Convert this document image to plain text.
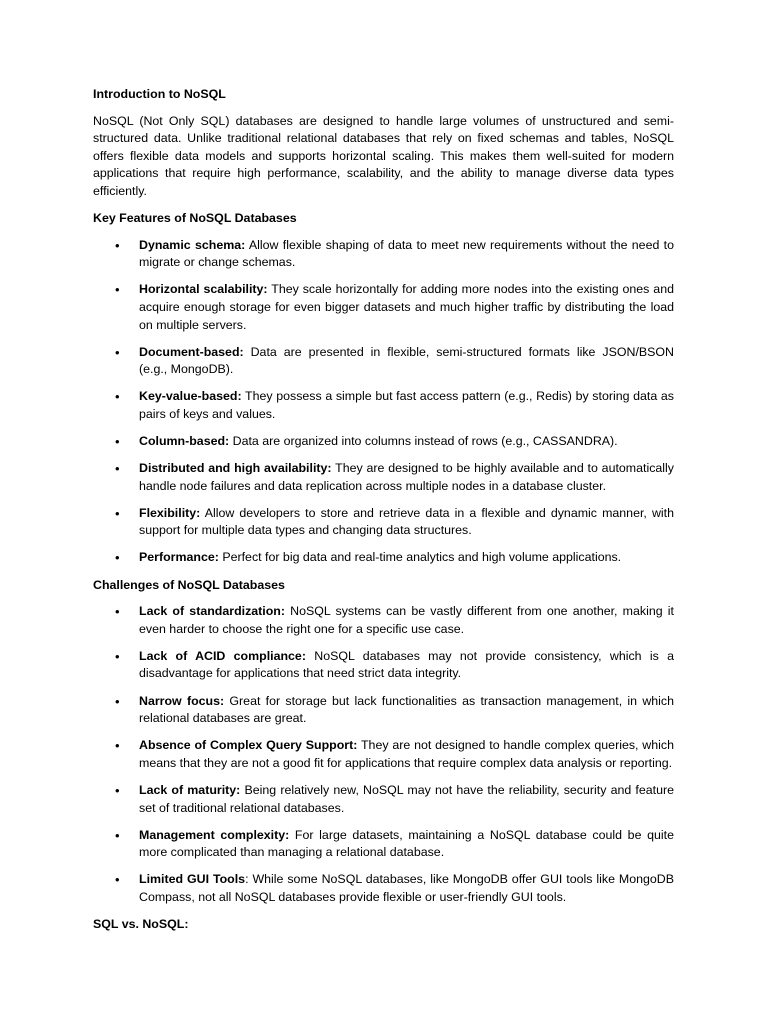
Introduction to NoSQL

NoSQL (Not Only SQL) databases are designed to handle large volumes of unstructured and semi-structured data. Unlike traditional relational databases that rely on fixed schemas and tables, NoSQL offers flexible data models and supports horizontal scaling. This makes them well-suited for modern applications that require high performance, scalability, and the ability to manage diverse data types efficiently.

Key Features of NoSQL Databases
• Dynamic schema: Allow flexible shaping of data to meet new requirements without the need to migrate or change schemas.
• Horizontal scalability: They scale horizontally for adding more nodes into the existing ones and acquire enough storage for even bigger datasets and much higher traffic by distributing the load on multiple servers.
• Document-based: Data are presented in flexible, semi-structured formats like JSON/BSON (e.g., MongoDB).
• Key-value-based: They possess a simple but fast access pattern (e.g., Redis) by storing data as pairs of keys and values.
• Column-based: Data are organized into columns instead of rows (e.g., CASSANDRA).
• Distributed and high availability: They are designed to be highly available and to automatically handle node failures and data replication across multiple nodes in a database cluster.
• Flexibility: Allow developers to store and retrieve data in a flexible and dynamic manner, with support for multiple data types and changing data structures.
• Performance: Perfect for big data and real-time analytics and high volume applications.
Challenges of NoSQL Databases
• Lack of standardization: NoSQL systems can be vastly different from one another, making it even harder to choose the right one for a specific use case.
• Lack of ACID compliance: NoSQL databases may not provide consistency, which is a disadvantage for applications that need strict data integrity.
• Narrow focus: Great for storage but lack functionalities as transaction management, in which relational databases are great.
• Absence of Complex Query Support: They are not designed to handle complex queries, which means that they are not a good fit for applications that require complex data analysis or reporting.
• Lack of maturity: Being relatively new, NoSQL may not have the reliability, security and feature set of traditional relational databases.
• Management complexity: For large datasets, maintaining a NoSQL database could be quite more complicated than managing a relational database.
• Limited GUI Tools: While some NoSQL databases, like MongoDB offer GUI tools like MongoDB Compass, not all NoSQL databases provide flexible or user-friendly GUI tools.
SQL vs. NoSQL:
